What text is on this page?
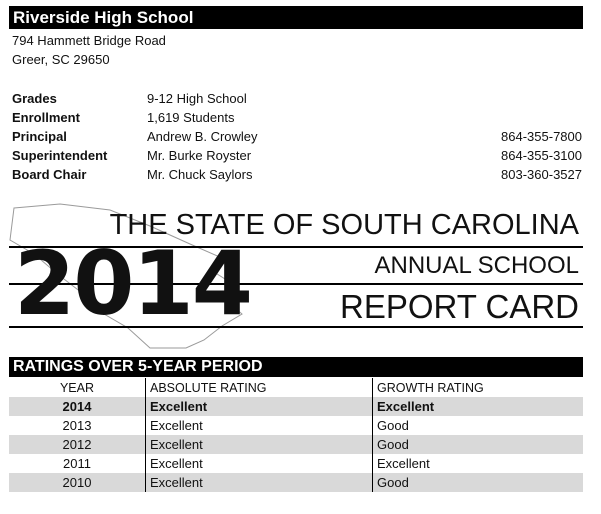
Riverside High School
794 Hammett Bridge Road
Greer, SC 29650
Grades	9-12 High School
Enrollment	1,619 Students
Principal	Andrew B. Crowley	864-355-7800
Superintendent	Mr. Burke Royster	864-355-3100
Board Chair	Mr. Chuck Saylors	803-360-3527
2014
THE STATE OF SOUTH CAROLINA
ANNUAL SCHOOL
REPORT CARD
RATINGS OVER 5-YEAR PERIOD
YEAR	ABSOLUTE RATING	GROWTH RATING
2014	Excellent	Excellent
2013	Excellent	Good
2012	Excellent	Good
2011	Excellent	Excellent
2010	Excellent	Good
